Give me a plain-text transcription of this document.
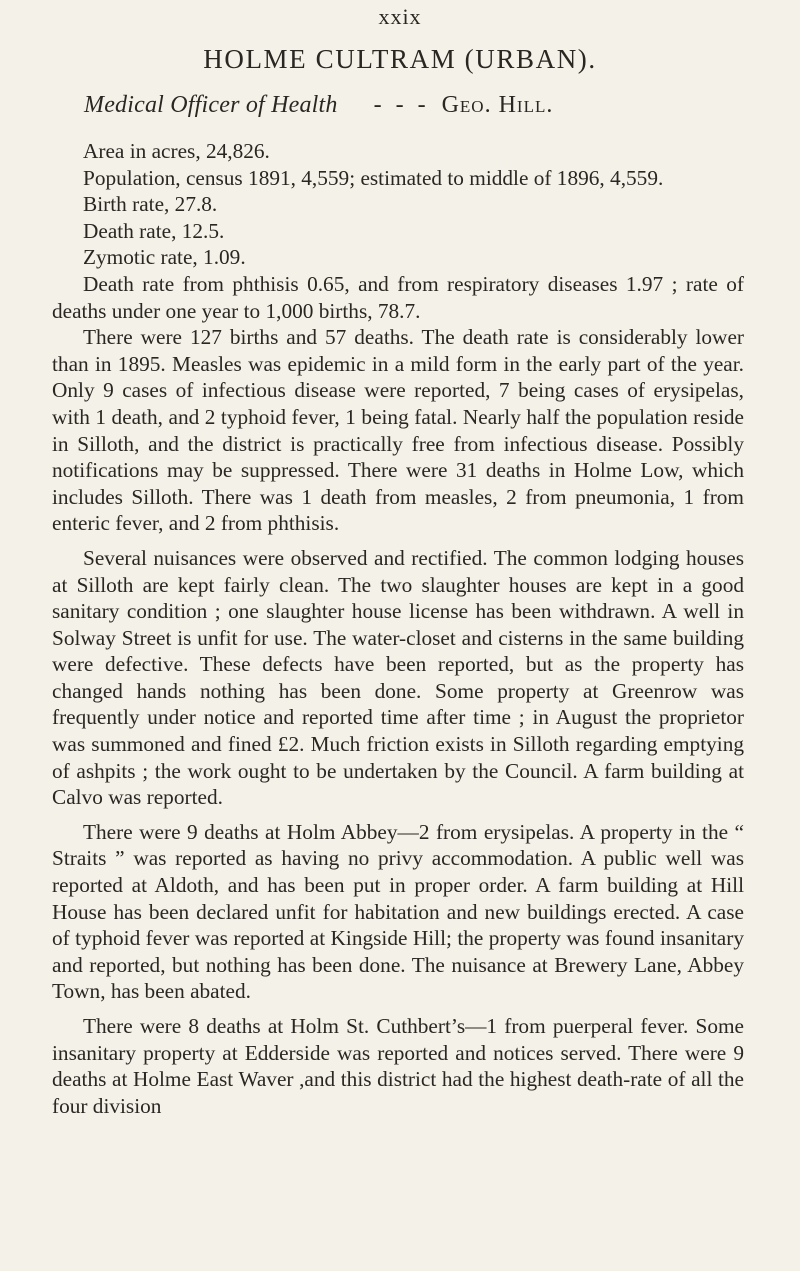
xxix
HOLME CULTRAM (URBAN).
Medical Officer of Health - - - Geo. Hill.

Area in acres, 24,826.

Population, census 1891, 4,559; estimated to middle of 1896, 4,559.

Birth rate, 27.8.

Death rate, 12.5.

Zymotic rate, 1.09.

Death rate from phthisis 0.65, and from respiratory diseases 1.97 ; rate of deaths under one year to 1,000 births, 78.7.

There were 127 births and 57 deaths. The death rate is considerably lower than in 1895. Measles was epidemic in a mild form in the early part of the year. Only 9 cases of infectious disease were reported, 7 being cases of erysipelas, with 1 death, and 2 typhoid fever, 1 being fatal. Nearly half the population reside in Silloth, and the district is practically free from infectious disease. Possibly notifications may be suppressed. There were 31 deaths in Holme Low, which includes Silloth. There was 1 death from measles, 2 from pneumonia, 1 from enteric fever, and 2 from phthisis.

Several nuisances were observed and rectified. The common lodging houses at Silloth are kept fairly clean. The two slaughter houses are kept in a good sanitary condition ; one slaughter house license has been withdrawn. A well in Solway Street is unfit for use. The water-closet and cisterns in the same building were defective. These defects have been reported, but as the property has changed hands nothing has been done. Some property at Greenrow was frequently under notice and reported time after time ; in August the proprietor was summoned and fined £2. Much friction exists in Silloth regarding emptying of ashpits ; the work ought to be undertaken by the Council. A farm building at Calvo was reported.

There were 9 deaths at Holm Abbey—2 from erysipelas. A property in the “ Straits ” was reported as having no privy accommodation. A public well was reported at Aldoth, and has been put in proper order. A farm building at Hill House has been declared unfit for habitation and new buildings erected. A case of typhoid fever was reported at Kingside Hill; the property was found insanitary and reported, but nothing has been done. The nuisance at Brewery Lane, Abbey Town, has been abated.

There were 8 deaths at Holm St. Cuthbert’s—1 from puerperal fever. Some insanitary property at Edderside was reported and notices served. There were 9 deaths at Holme East Waver ,and this district had the highest death-rate of all the four division
